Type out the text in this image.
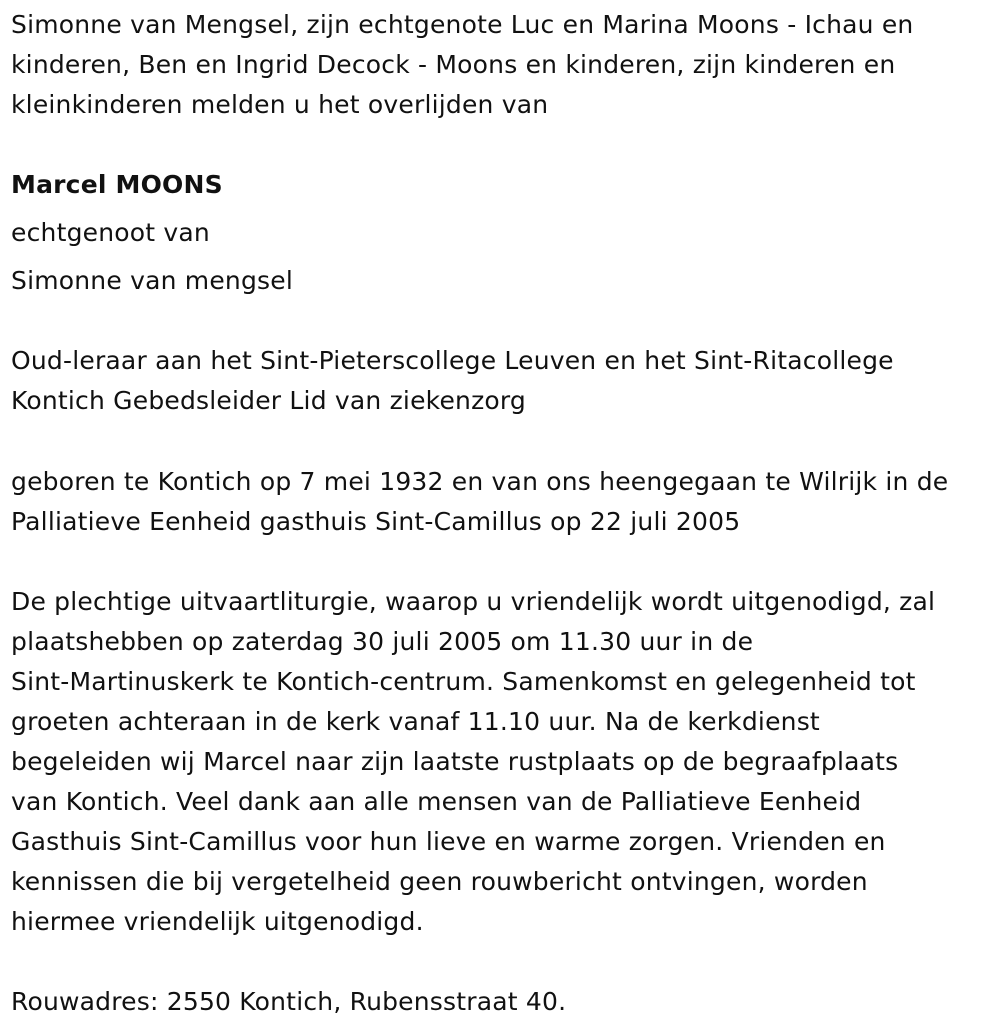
Simonne van Mengsel, zijn echtgenote Luc en Marina Moons - Ichau en
kinderen, Ben en Ingrid Decock - Moons en kinderen, zijn kinderen en
kleinkinderen melden u het overlijden van

Marcel MOONS

echtgenoot van

Simonne van mengsel

Oud-leraar aan het Sint-Pieterscollege Leuven en het Sint-Ritacollege
Kontich Gebedsleider Lid van ziekenzorg

geboren te Kontich op 7 mei 1932 en van ons heengegaan te Wilrijk in de
Palliatieve Eenheid gasthuis Sint-Camillus op 22 juli 2005

De plechtige uitvaartliturgie, waarop u vriendelijk wordt uitgenodigd, zal
plaatshebben op zaterdag 30 juli 2005 om 11.30 uur in de
Sint-Martinuskerk te Kontich-centrum. Samenkomst en gelegenheid tot
groeten achteraan in de kerk vanaf 11.10 uur. Na de kerkdienst
begeleiden wij Marcel naar zijn laatste rustplaats op de begraafplaats
van Kontich. Veel dank aan alle mensen van de Palliatieve Eenheid
Gasthuis Sint-Camillus voor hun lieve en warme zorgen. Vrienden en
kennissen die bij vergetelheid geen rouwbericht ontvingen, worden
hiermee vriendelijk uitgenodigd.

Rouwadres: 2550 Kontich, Rubensstraat 40.
